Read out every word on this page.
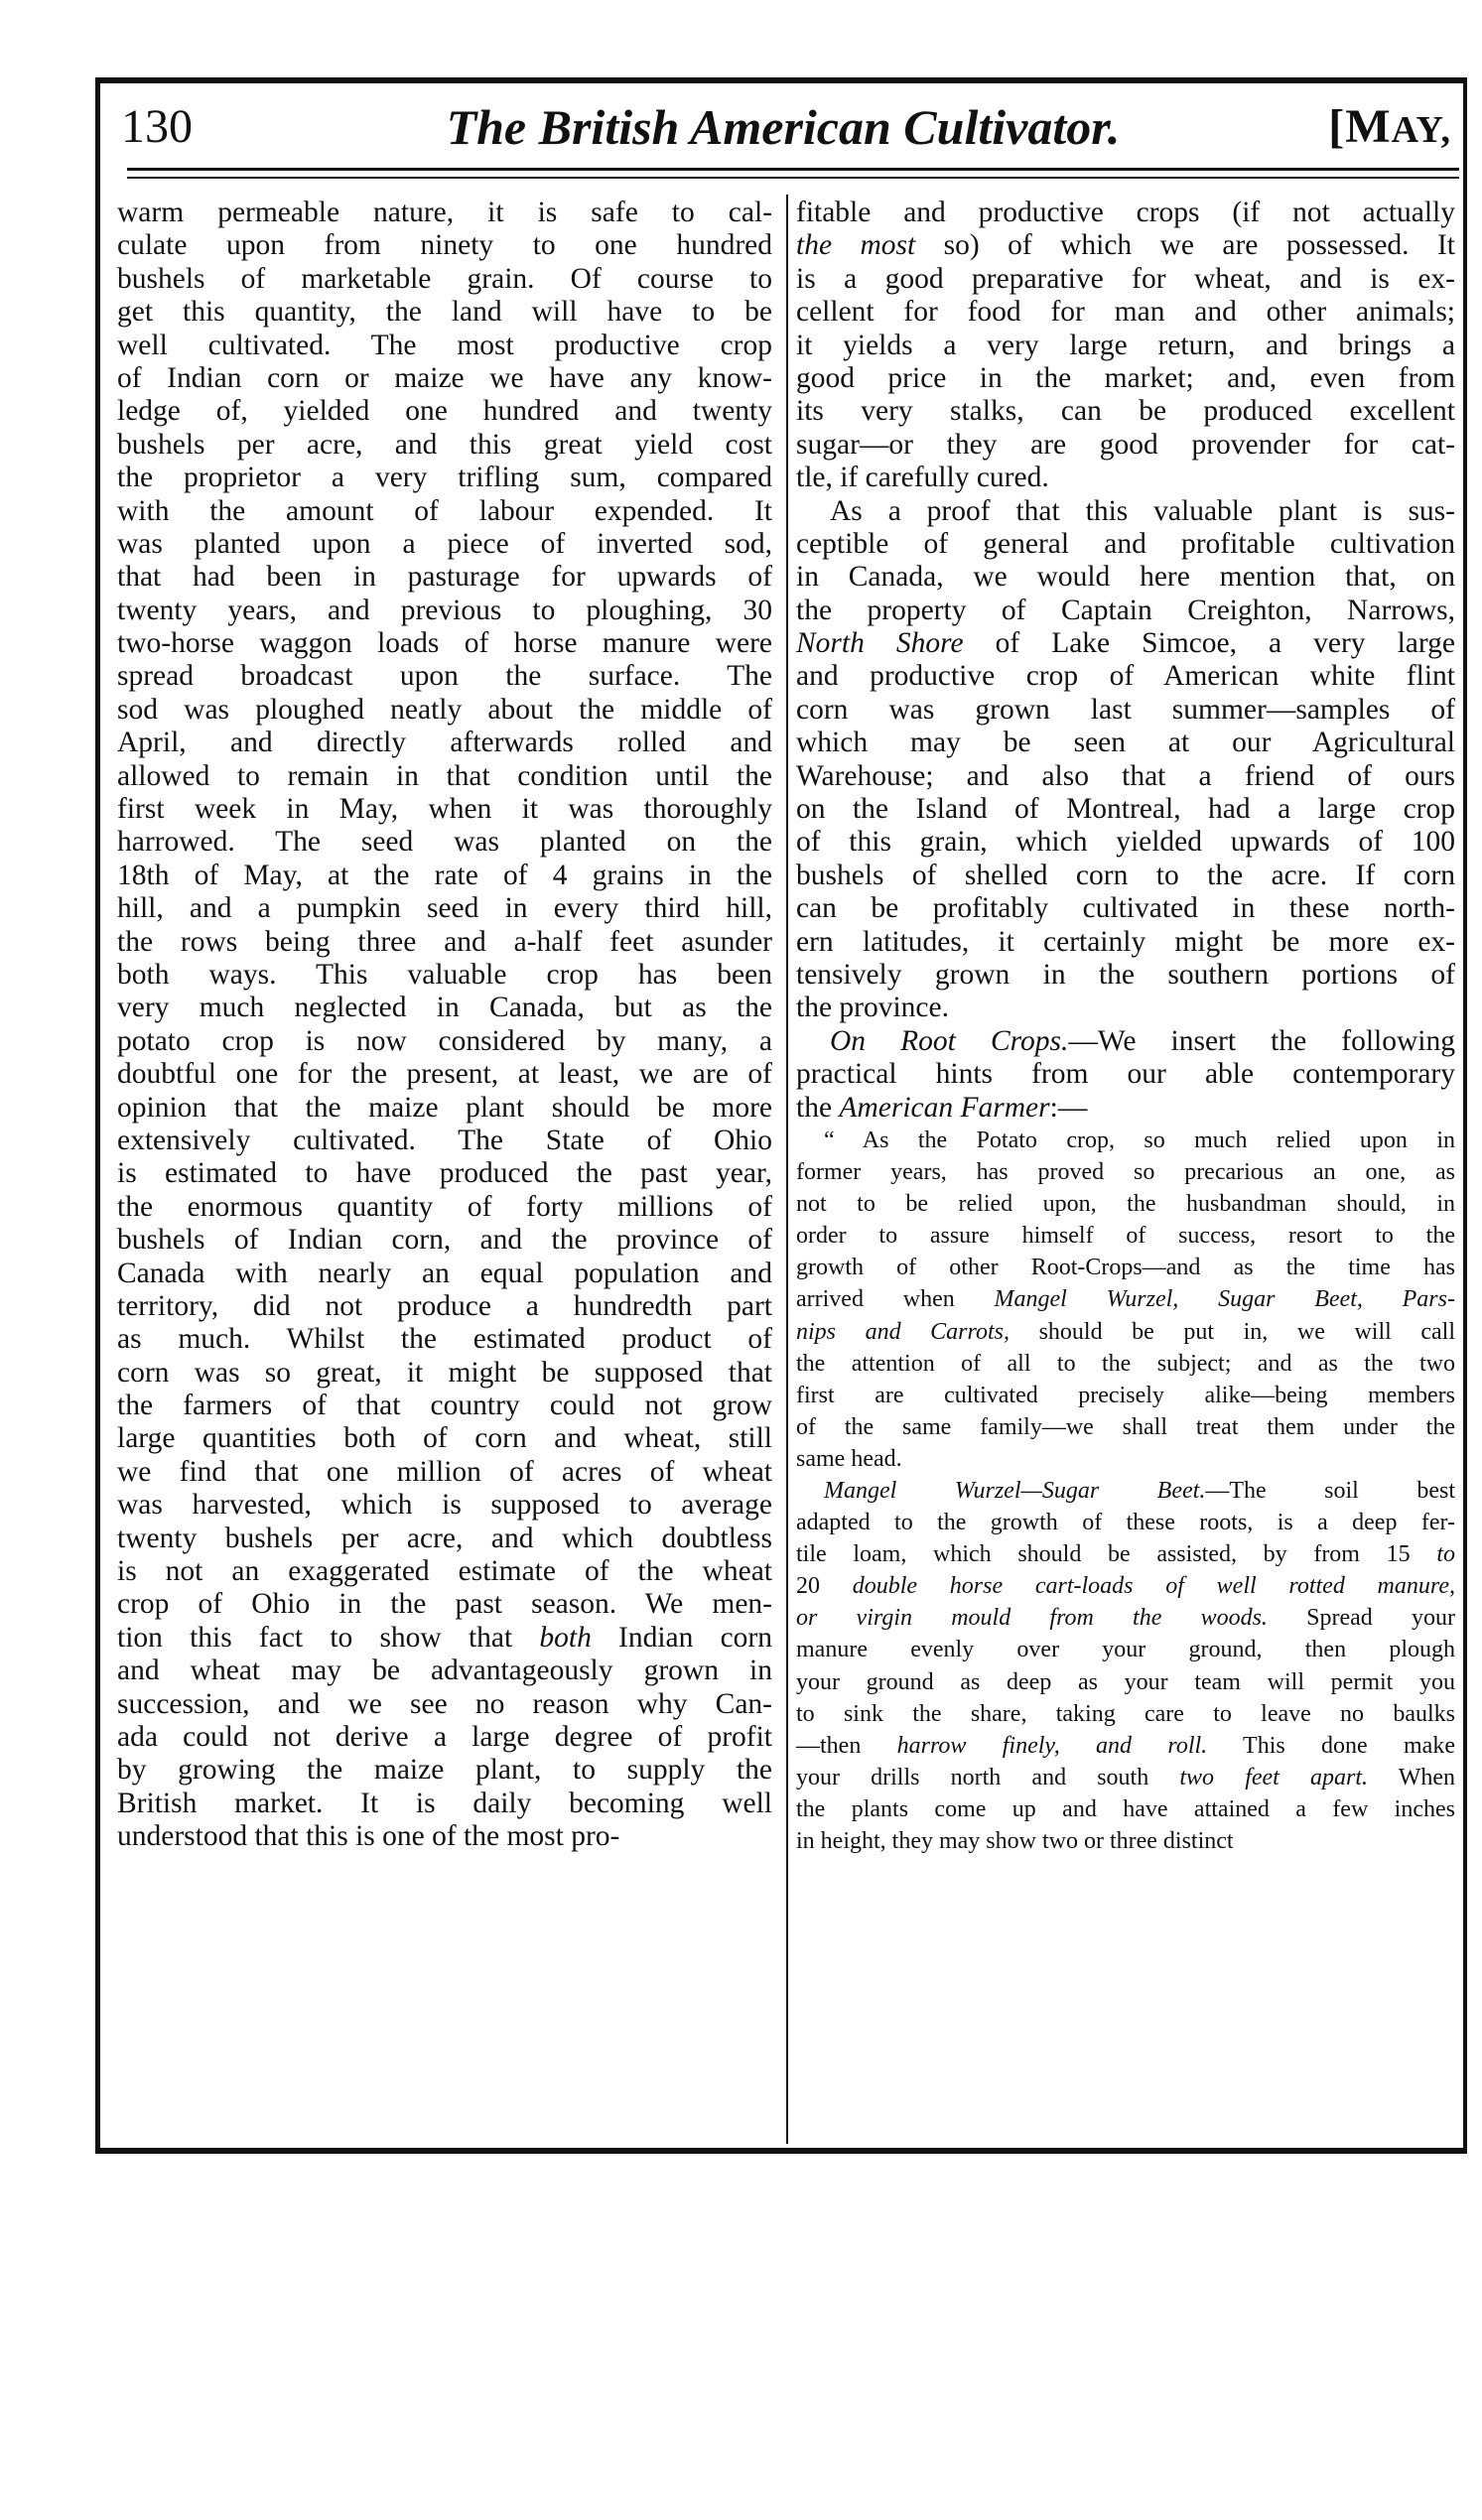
130	The British American Cultivator.	[MAY,
warm permeable nature, it is safe to cal-
culate upon from ninety to one hundred
bushels of marketable grain. Of course to
get this quantity, the land will have to be
well cultivated. The most productive crop
of Indian corn or maize we have any know-
ledge of, yielded one hundred and twenty
bushels per acre, and this great yield cost
the proprietor a very trifling sum, compared
with the amount of labour expended. It
was planted upon a piece of inverted sod,
that had been in pasturage for upwards of
twenty years, and previous to ploughing, 30
two-horse waggon loads of horse manure were
spread broadcast upon the surface. The
sod was ploughed neatly about the middle of
April, and directly afterwards rolled and
allowed to remain in that condition until the
first week in May, when it was thoroughly
harrowed. The seed was planted on the
18th of May, at the rate of 4 grains in the
hill, and a pumpkin seed in every third hill,
the rows being three and a-half feet asunder
both ways. This valuable crop has been
very much neglected in Canada, but as the
potato crop is now considered by many, a
doubtful one for the present, at least, we are of
opinion that the maize plant should be more
extensively cultivated. The State of Ohio
is estimated to have produced the past year,
the enormous quantity of forty millions of
bushels of Indian corn, and the province of
Canada with nearly an equal population and
territory, did not produce a hundredth part
as much. Whilst the estimated product of
corn was so great, it might be supposed that
the farmers of that country could not grow
large quantities both of corn and wheat, still
we find that one million of acres of wheat
was harvested, which is supposed to average
twenty bushels per acre, and which doubtless
is not an exaggerated estimate of the wheat
crop of Ohio in the past season. We men-
tion this fact to show that both Indian corn
and wheat may be advantageously grown in
succession, and we see no reason why Can-
ada could not derive a large degree of profit
by growing the maize plant, to supply the
British market. It is daily becoming well
understood that this is one of the most pro-
fitable and productive crops (if not actually
the most so) of which we are possessed. It
is a good preparative for wheat, and is ex-
cellent for food for man and other animals;
it yields a very large return, and brings a
good price in the market; and, even from
its very stalks, can be produced excellent
sugar—or they are good provender for cat-
tle, if carefully cured.
As a proof that this valuable plant is sus-
ceptible of general and profitable cultivation
in Canada, we would here mention that, on
the property of Captain Creighton, Narrows,
North Shore of Lake Simcoe, a very large
and productive crop of American white flint
corn was grown last summer—samples of
which may be seen at our Agricultural
Warehouse; and also that a friend of ours
on the Island of Montreal, had a large crop
of this grain, which yielded upwards of 100
bushels of shelled corn to the acre. If corn
can be profitably cultivated in these north-
ern latitudes, it certainly might be more ex-
tensively grown in the southern portions of
the province.
On Root Crops.—We insert the following
practical hints from our able contemporary
the American Farmer:—
“ As the Potato crop, so much relied upon in
former years, has proved so precarious an one, as
not to be relied upon, the husbandman should, in
order to assure himself of success, resort to the
growth of other Root-Crops—and as the time has
arrived when Mangel Wurzel, Sugar Beet, Pars-
nips and Carrots, should be put in, we will call
the attention of all to the subject; and as the two
first are cultivated precisely alike—being members
of the same family—we shall treat them under the
same head.
Mangel Wurzel—Sugar Beet.—The soil best
adapted to the growth of these roots, is a deep fer-
tile loam, which should be assisted, by from 15 to
20 double horse cart-loads of well rotted manure,
or virgin mould from the woods. Spread your
manure evenly over your ground, then plough
your ground as deep as your team will permit you
to sink the share, taking care to leave no baulks
—then harrow finely, and roll. This done make
your drills north and south two feet apart. When
the plants come up and have attained a few inches
in height, they may show two or three distinct
